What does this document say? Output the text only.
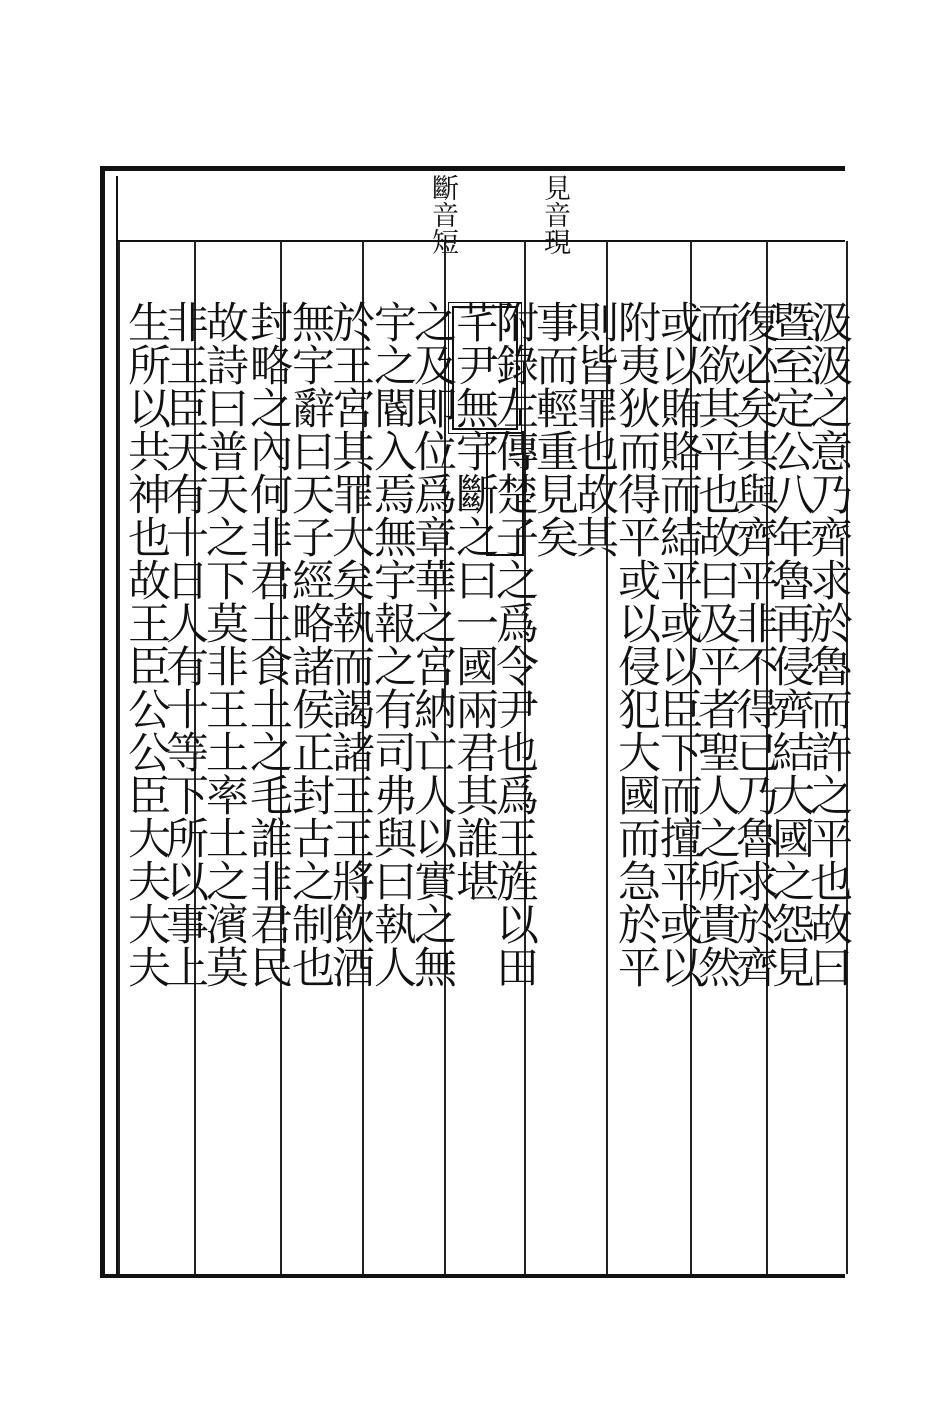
見音現
斷音短
汲汲之意乃齊求於魯而許之平也故曰
暨至定公八年魯再侵齊結大國之怨見
復必矣其與齊平非不得已乃魯求於齊
而欲其平也故曰及平者聖人之所貴然
或以賄賂而結平或以臣下而擅平或以
附夷狄而得平或以侵犯大國而急於平
則皆罪也故其
事而輕重見矣
附錄左傳楚子之爲令尹也爲王旌以田
芊尹無宇斷之曰一國兩君其誰堪
之及即位爲章華之宮納亡人以實之無
宇之閽入焉無宇報之有司弗與曰執人
於王宮其罪大矣執而謁諸王王將飲酒
無宇辭曰天子經略諸侯正封古之制也
封略之內何非君土食土之毛誰非君民
故詩曰普天之下莫非王土率土之濱莫
非王臣天有十日人有十等下所以事上
生所以共神也故王臣公公臣大夫大夫
